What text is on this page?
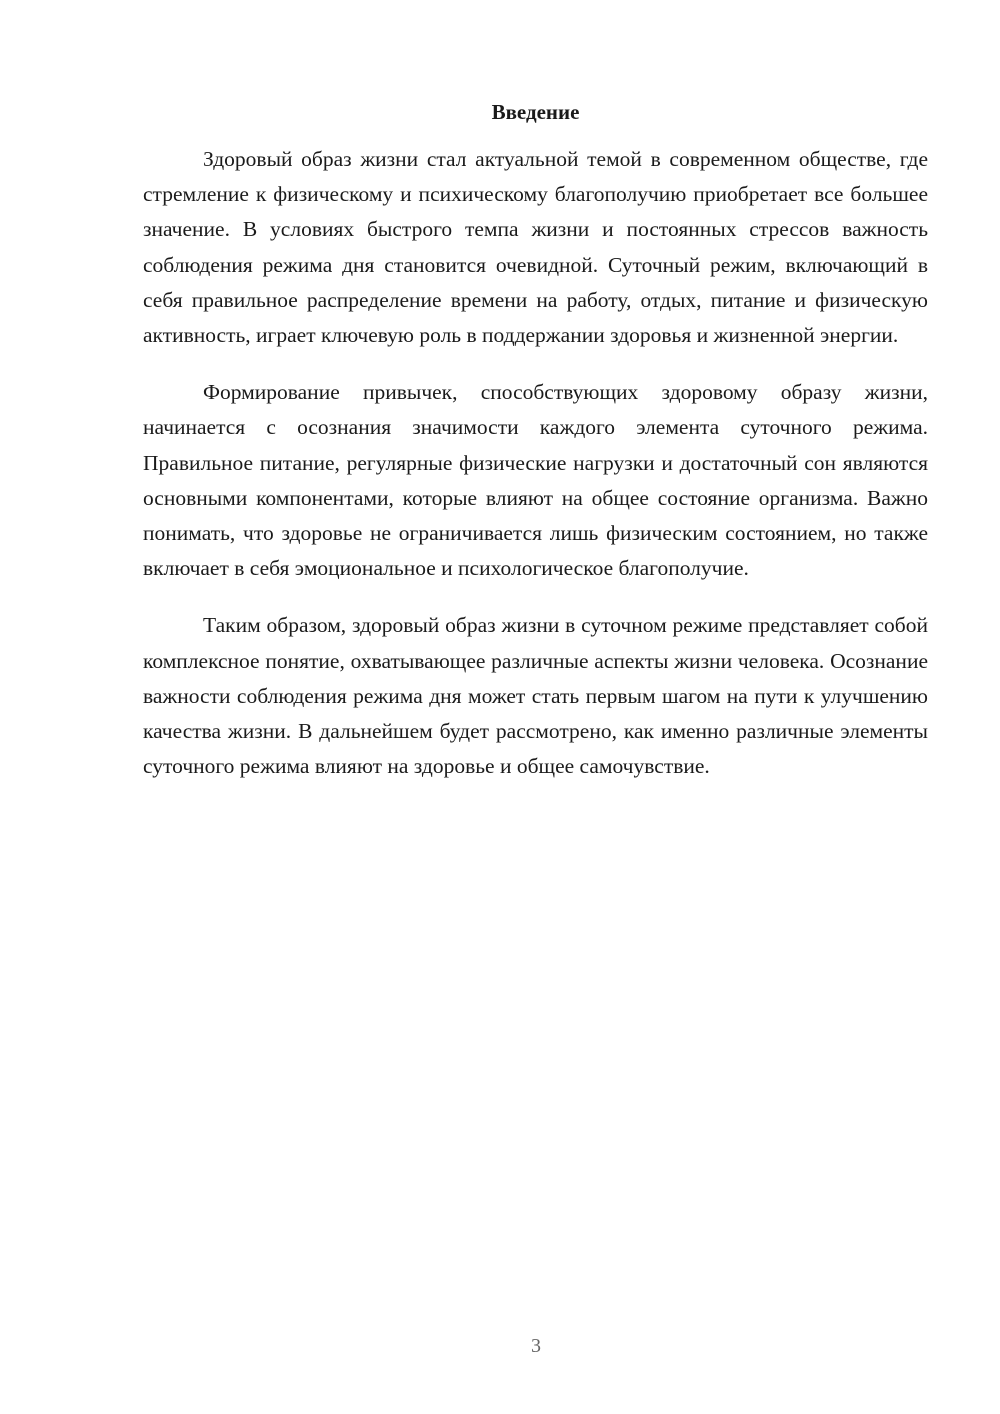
Введение

Здоровый образ жизни стал актуальной темой в современном обществе, где стремление к физическому и психическому благополучию приобретает все большее значение. В условиях быстрого темпа жизни и постоянных стрессов важность соблюдения режима дня становится очевидной. Суточный режим, включающий в себя правильное распределение времени на работу, отдых, питание и физическую активность, играет ключевую роль в поддержании здоровья и жизненной энергии.

Формирование привычек, способствующих здоровому образу жизни, начинается с осознания значимости каждого элемента суточного режима. Правильное питание, регулярные физические нагрузки и достаточный сон являются основными компонентами, которые влияют на общее состояние организма. Важно понимать, что здоровье не ограничивается лишь физическим состоянием, но также включает в себя эмоциональное и психологическое благополучие.

Таким образом, здоровый образ жизни в суточном режиме представляет собой комплексное понятие, охватывающее различные аспекты жизни человека. Осознание важности соблюдения режима дня может стать первым шагом на пути к улучшению качества жизни. В дальнейшем будет рассмотрено, как именно различные элементы суточного режима влияют на здоровье и общее самочувствие.

3
